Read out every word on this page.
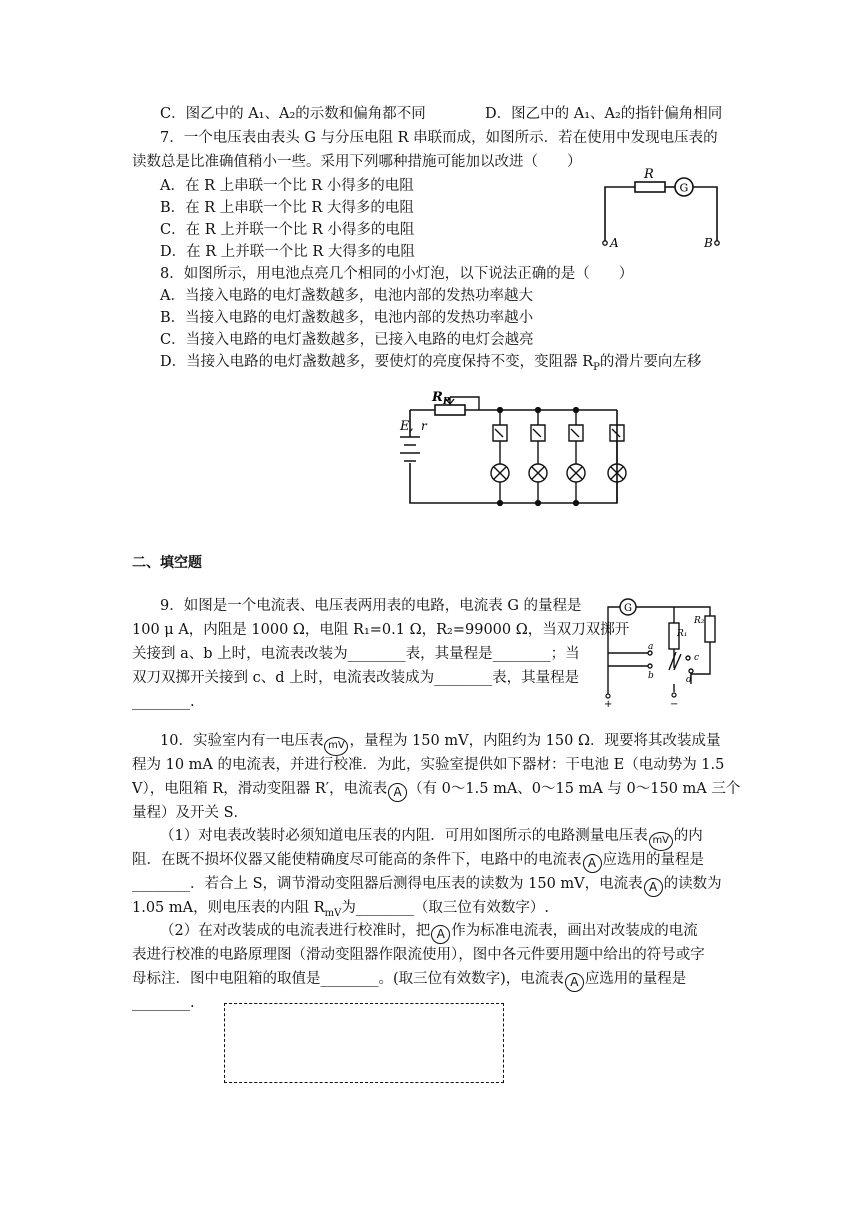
C．图乙中的 A₁、A₂的示数和偏角都不同	D．图乙中的 A₁、A₂的指针偏角相同
7．一个电压表由表头 G 与分压电阻 R 串联而成，如图所示．若在使用中发现电压表的
读数总是比准确值稍小一些。采用下列哪种措施可能加以改进（　　）
A．在 R 上串联一个比 R 小得多的电阻
B．在 R 上串联一个比 R 大得多的电阻
C．在 R 上并联一个比 R 小得多的电阻
D．在 R 上并联一个比 R 大得多的电阻
R
G
A	B
8．如图所示，用电池点亮几个相同的小灯泡，以下说法正确的是（　　）
A．当接入电路的电灯盏数越多，电池内部的发热功率越大
B．当接入电路的电灯盏数越多，电池内部的发热功率越小
C．当接入电路的电灯盏数越多，已接入电路的电灯会越亮
D．当接入电路的电灯盏数越多，要使灯的亮度保持不变，变阻器 $R_P$的滑片要向左移
E, r
$R_P$
二、填空题
9．如图是一个电流表、电压表两用表的电路，电流表 G 的量程是
100 μ A，内阻是 1000 Ω，电阻 R₁=0.1 Ω，R₂=99000 Ω，当双刀双掷开
关接到 a、b 上时，电流表改装为________表，其量程是________；当
双刀双掷开关接到 c、d 上时，电流表改装成为________表，其量程是
________.
G
R₁
R₂
a
b
c
d
+	−
10．实验室内有一电压表 mV ，量程为 150 mV，内阻约为 150 Ω．现要将其改装成量
程为 10 mA 的电流表，并进行校准．为此，实验室提供如下器材：干电池 E（电动势为 1.5
V），电阻箱 R，滑动变阻器 R′，电流表 A （有 0～1.5 mA、0～15 mA 与 0～150 mA 三个
量程）及开关 S．
（1）对电表改装时必须知道电压表的内阻．可用如图所示的电路测量电压表 mV 的内
阻．在既不损坏仪器又能使精确度尽可能高的条件下，电路中的电流表 A 应选用的量程是
________．若合上 S，调节滑动变阻器后测得电压表的读数为 150 mV，电流表 A 的读数为
1.05 mA，则电压表的内阻 $R_{mV}$为________（取三位有效数字）.
（2）在对改装成的电流表进行校准时，把 A 作为标准电流表，画出对改装成的电流
表进行校准的电路原理图（滑动变阻器作限流使用），图中各元件要用题中给出的符号或字
母标注．图中电阻箱的取值是________。(取三位有效数字)，电流表 A 应选用的量程是
________.
